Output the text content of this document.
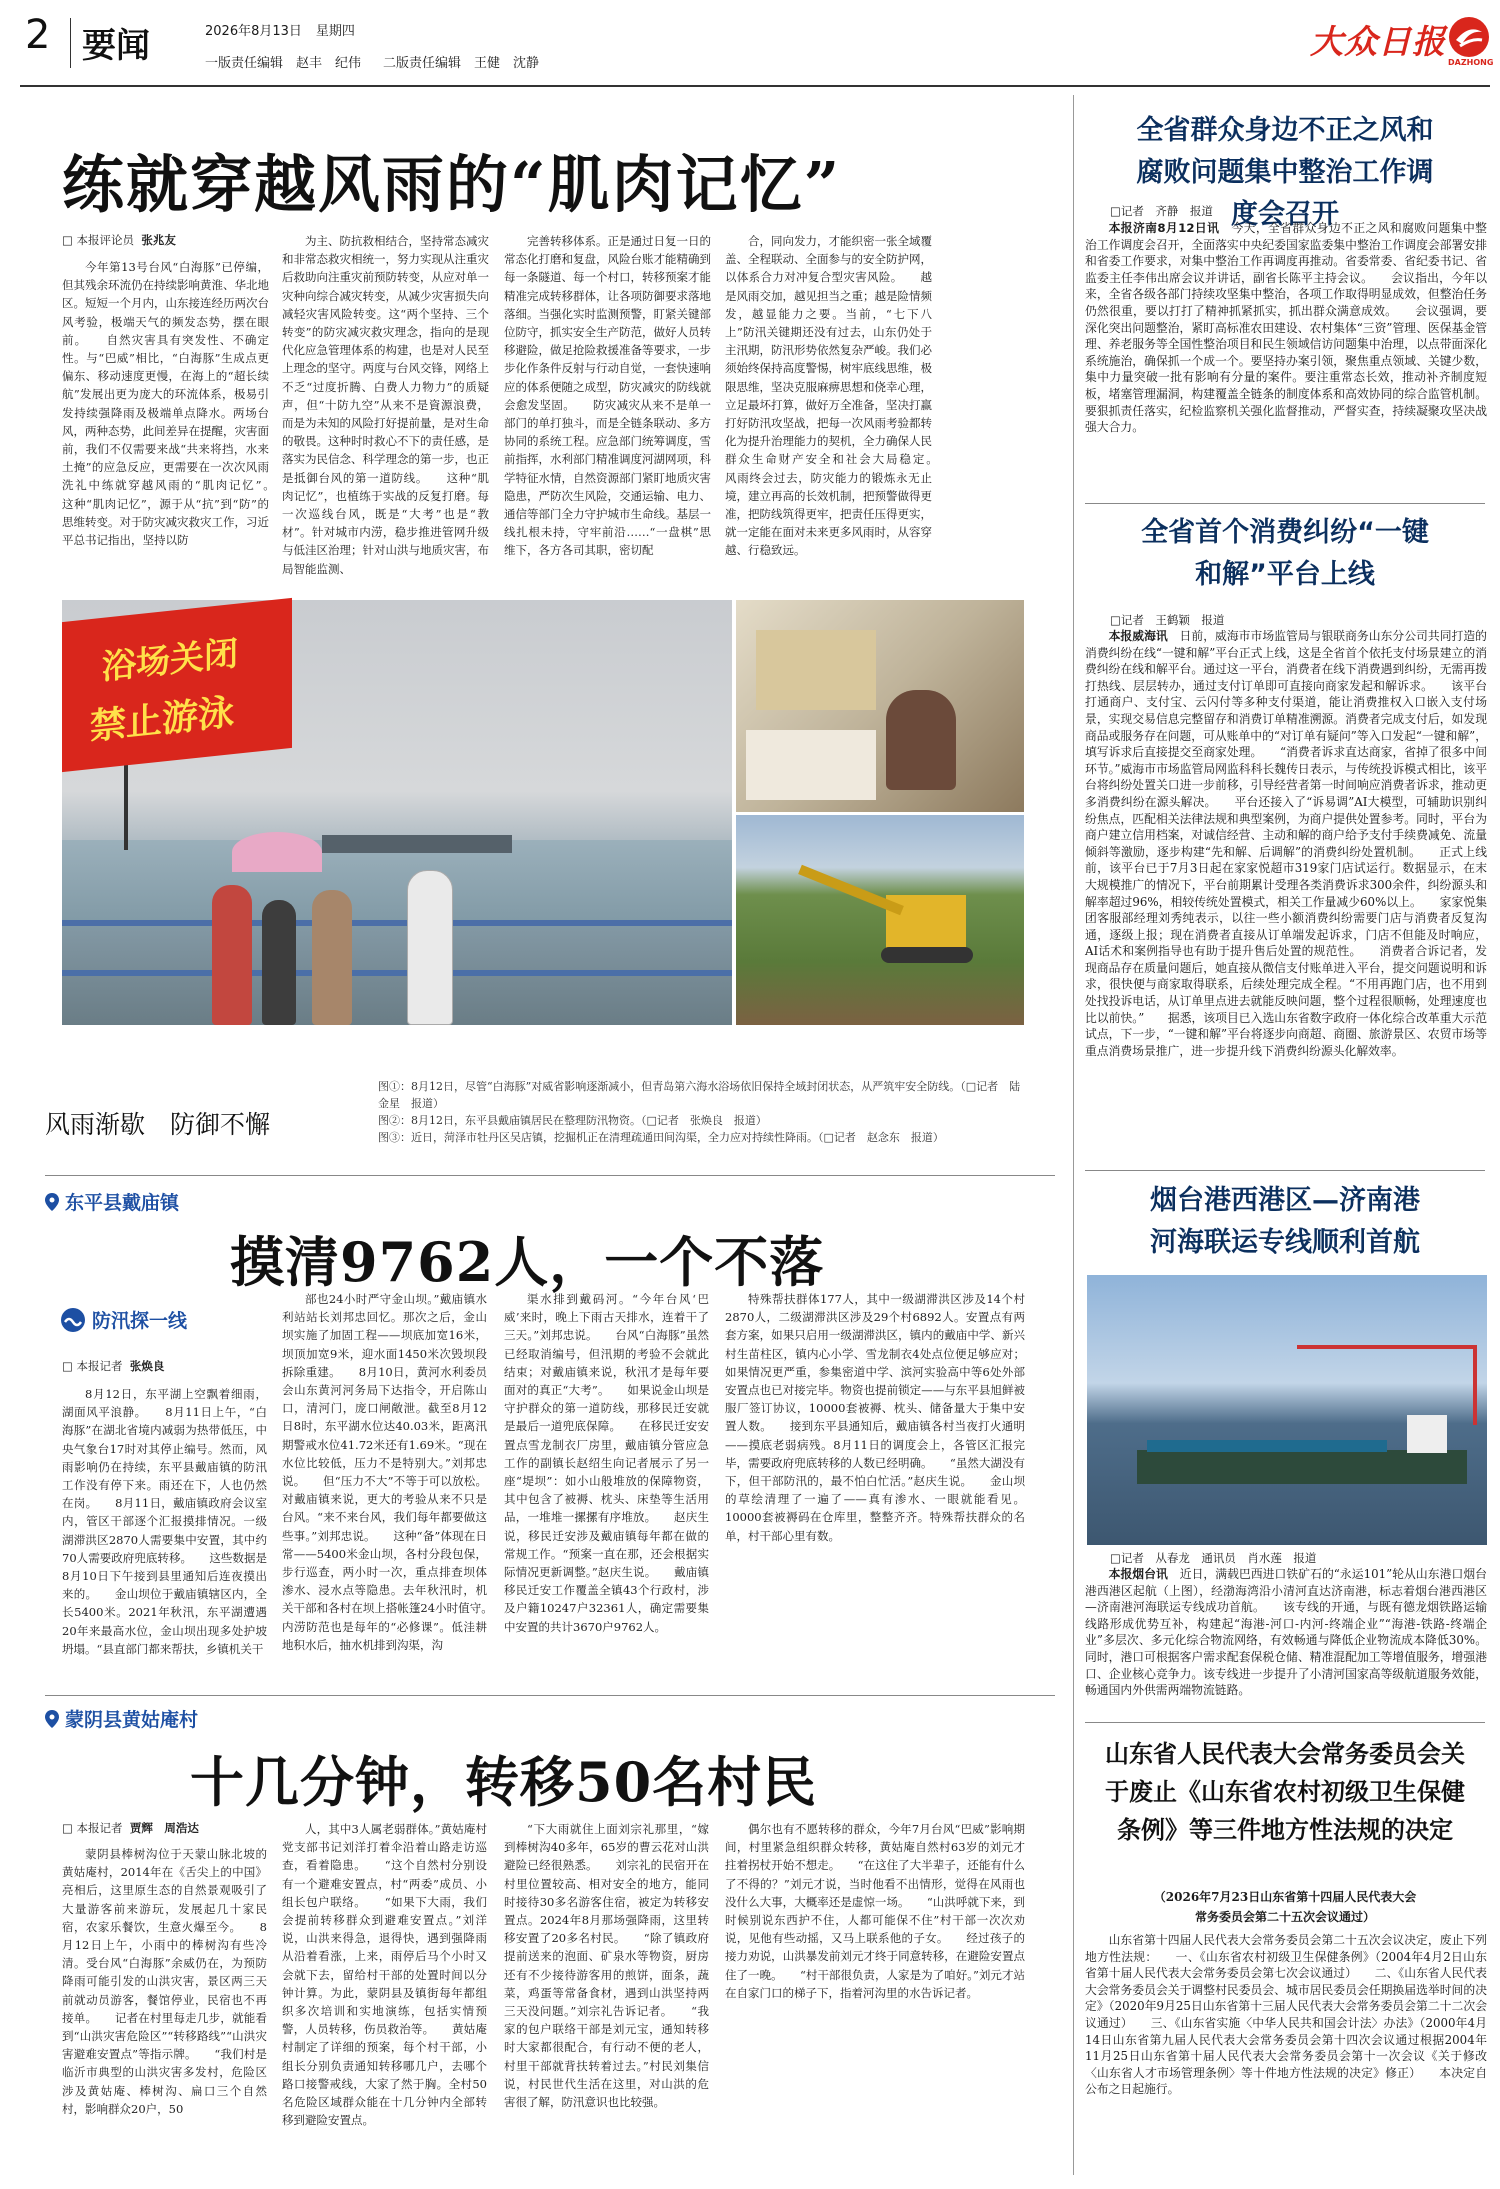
2 要闻	2026年8月13日 星期四
一版责任编辑　赵丰　纪伟 二版责任编辑　王健　沈静
大众日报
DAZHONG
练就穿越风雨的“肌肉记忆”
□ 本报评论员 张兆友

今年第13号台风“白海豚”已停编，但其残余环流仍在持续影响黄淮、华北地区。短短一个月内，山东接连经历两次台风考验，极端天气的频发态势，摆在眼前。　　自然灾害具有突发性、不确定性。与“巴威”相比，“白海豚”生成点更偏东、移动速度更慢，在海上的“超长续航”发展出更为庞大的环流体系，极易引发持续强降雨及极端单点降水。两场台风，两种态势，此间差异在提醒，灾害面前，我们不仅需要来战“共来将挡，水来土掩”的应急反应，更需要在一次次风雨洗礼中练就穿越风雨的“肌肉记忆”。　　这种“肌肉记忆”，源于从“抗”到“防”的思维转变。对于防灾减灾救灾工作，习近平总书记指出，坚持以防

为主、防抗救相结合，坚持常态减灾和非常态救灾相统一，努力实现从注重灾后救助向注重灾前预防转变，从应对单一灾种向综合减灾转变，从减少灾害损失向减轻灾害风险转变。这“两个坚持、三个转变”的防灾减灾救灾理念，指向的是现代化应急管理体系的构建，也是对人民至上理念的坚守。两度与台风交锋，网络上不乏“过度折腾、白费人力物力”的质疑声，但“十防九空”从来不是資源浪费，而是为未知的风险打好提前量，是对生命的敬畏。这种时时救心不下的责任感，是落实为民信念、科学理念的第一步，也正是抵御台风的第一道防线。　　这种“肌肉记忆”，也植练于实战的反复打磨。每一次巡线台风，既是“大考”也是“教材”。针对城市内涝，稳步推进管网升级与低洼区治理；针对山洪与地质灾害，布局智能监测、

完善转移体系。正是通过日复一日的常态化打磨和复盘，风险台账才能精确到每一条隧道、每一个村口，转移预案才能精准完成转移群体，让各项防御要求落地落细。当强化实时监测预警，盯紧关键部位防守，抓实安全生产防范，做好人员转移避险，做足抢险救援准备等要求，一步步化作条件反射与行动自觉，一套快速响应的体系便随之成型，防灾减灾的防线就会愈发坚固。　　防灾减灾从来不是单一部门的单打独斗，而是全链条联动、多方协同的系统工程。应急部门统筹调度，雪前指挥，水利部门精准调度河湖网项，科学特征水情，自然资源部门紧盯地质灾害隐患，严防次生风险，交通运输、电力、通信等部门全力守护城市生命线。基层一线扎根未持，守牢前沿……“一盘棋”思维下，各方各司其职，密切配

合，同向发力，才能织密一张全域覆盖、全程联动、全面参与的安全防护网，以体系合力对冲复合型灾害风险。　　越是风雨交加，越见担当之重；越是险情频发，越显能力之要。当前，“七下八上”防汛关键期还没有过去，山东仍处于主汛期，防汛形势依然复杂严峻。我们必须始终保持高度警惕，树牢底线思维，极限思维，坚决克服麻痹思想和侥幸心理，立足最坏打算，做好万全准备，坚决打赢打好防汛攻坚战，把每一次风雨考验都转化为提升治理能力的契机，全力确保人民群众生命财产安全和社会大局稳定。　　风雨终会过去，防灾能力的锻炼永无止境，建立再高的长效机制，把预警做得更准，把防线筑得更牢，把责任压得更实，就一定能在面对未来更多风雨时，从容穿越、行稳致远。

浴场关闭
禁止游泳
风雨渐歇　防御不懈
图①：8月12日，尽管“白海豚”对威省影响逐渐减小，但青岛第六海水浴场依旧保持全域封闭状态，从严筑牢安全防线。（□记者　陆金星　报道）
图②：8月12日，东平县戴庙镇居民在整理防汛物资。（□记者　张焕良　报道）
图③：近日，菏泽市牡丹区吴店镇，挖掘机正在清理疏通田间沟渠，全力应对持续性降雨。（□记者　赵念东　报道）
东平县戴庙镇
摸清9762人，一个不落
防汛探一线
□ 本报记者 张焕良

8月12日，东平湖上空飘着细雨，湖面风平浪静。　　8月11日上午，“白海豚”在湖北省境内减弱为热带低压，中央气象台17时对其停止编号。然而，风雨影响仍在持续，东平县戴庙镇的防汛工作没有停下来。雨还在下，人也仍然在岗。　　8月11日，戴庙镇政府会议室内，管区干部逐个汇报摸排情况。一级湖滞洪区2870人需要集中安置，其中约70人需要政府兜底转移。　　这些数据是8月10日下午接到县里通知后连夜摸出来的。　　金山坝位于戴庙镇辖区内，全长5400米。2021年秋汛，东平湖遭遇20年来最高水位，金山坝出现多处护坡坍塌。“县直部门都来帮扶，乡镇机关干

部也24小时严守金山坝。”戴庙镇水利站站长刘邦忠回忆。那次之后，金山坝实施了加固工程——坝底加宽16米，坝顶加宽9米，迎水面1450米次毁坝段拆除重建。　　8月10日，黄河水利委员会山东黄河河务局下达指令，开启陈山口，清河门，庞口闸敞泄。截至8月12日8时，东平湖水位达40.03米，距离汛期警戒水位41.72米还有1.69米。“现在水位比较低，压力不是特别大。”刘邦忠说。　　但“压力不大”不等于可以放松。对戴庙镇来说，更大的考验从来不只是台风。“来不来台风，我们每年都要做这些事。”刘邦忠说。　　这种“备”体现在日常——5400米金山坝，各村分段包保，步行巡查，两小时一次，重点排查坝体渗水、浸水点等隐患。去年秋汛时，机关干部和各村在坝上搭帐篷24小时值守。　　内涝防范也是每年的“必修课”。低洼耕地积水后，抽水机排到沟渠，沟

渠水排到戴码河。“今年台风‘巴威’来时，晚上下雨古天排水，连着干了三天。”刘邦忠说。　　台风“白海豚”虽然已经取消编号，但汛期的考验不会就此结束；对戴庙镇来说，秋汛才是每年要面对的真正“大考”。　　如果说金山坝是守护群众的第一道防线，那移民迁安就是最后一道兜底保障。　　在移民迁安安置点雪龙制衣厂房里，戴庙镇分管应急工作的副镇长赵绍生向记者展示了另一座“堤坝”：如小山般堆放的保障物资，其中包含了被褥、枕头、床垫等生活用品，一堆堆一摞摞有序堆放。　　赵庆生说，移民迁安涉及戴庙镇每年都在做的常规工作。“预案一直在那，还会根据实际情况更新调整。”赵庆生说。　　戴庙镇移民迁安工作覆盖全镇43个行政村，涉及户籍10247户32361人，确定需要集中安置的共计3670户9762人。

特殊帮扶群体177人，其中一级湖滞洪区涉及14个村2870人，二级湖滞洪区涉及29个村6892人。安置点有两套方案，如果只启用一级湖滞洪区，镇内的戴庙中学、新兴村生苗柱区，镇内心小学、雪龙制衣4处点位便足够应对；如果情况更严重，参集密道中学、滨河实验高中等6处外部安置点也已对接完毕。物资也提前锁定——与东平县旭鲜被服厂签订协议，10000套被褥、枕头、储备量大于集中安置人数。　　接到东平县通知后，戴庙镇各村当夜打火通明——摸底老弱病残。8月11日的调度会上，各管区汇报完毕，需要政府兜底转移的人数已经明确。　　“虽然大湖没有下，但干部防汛的，最不怕白忙活。”赵庆生说。　　金山坝的草绘清理了一遍了——真有渗水、一眼就能看见。10000套被褥码在仓库里，整整齐齐。特殊帮扶群众的名单，村干部心里有数。

蒙阴县黄姑庵村
十几分钟，转移50名村民
□ 本报记者 贾辉　周浩达

蒙阴县棒树沟位于天蒙山脉北坡的黄姑庵村，2014年在《舌尖上的中国》亮相后，这里原生态的自然景观吸引了大量游客前来游玩，发展起几十家民宿，农家乐餐饮，生意火爆至今。　　8月12日上午，小雨中的棒树沟有些冷清。受台风“白海豚”余威仍在，为预防降雨可能引发的山洪灾害，景区两三天前就动员游客，餐馆停业，民宿也不再接单。　　记者在村里每走几步，就能看到“山洪灾害危险区”“转移路线”“山洪灾害避难安置点”等指示牌。　　“我们村是临沂市典型的山洪灾害多发村，危险区涉及黄姑庵、棒树沟、扁口三个自然村，影响群众20户，50

人，其中3人属老弱群体。”黄姑庵村党支部书记刘洋打着伞沿着山路走访巡查，看着隐患。　　“这个自然村分别设有一个避难安置点，村“两委”成员、小组长包户联络。　　“如果下大雨，我们会提前转移群众到避难安置点。”刘洋说，山洪来得急，退得快，遇到强降雨从沿着看涨，上来，雨停后马个小时又会就下去，留给村干部的处置时间以分钟计算。为此，蒙阴县及镇街每年都组织多次培训和实地演练，包括实情预警，人员转移，伤员救治等。　　黄姑庵村制定了详细的预案，每个村干部，小组长分别负责通知转移哪几户，去哪个路口接警戒线，大家了然于胸。全村50名危险区域群众能在十几分钟内全部转移到避险安置点。

“下大雨就住上面刘宗礼那里，“嫁到棒树沟40多年，65岁的曹云花对山洪避险已经很熟悉。　　刘宗礼的民宿开在村里位置较高、相对安全的地方，能同时接待30多名游客住宿，被定为转移安置点。2024年8月那场强降雨，这里转移安置了20多名村民。　　“除了镇政府提前送来的泡面、矿泉水等物资，厨房还有不少接待游客用的煎饼，面条，蔬菜，鸡蛋等常备食材，遇到山洪坚持两三天没问题。”刘宗礼告诉记者。　　“我家的包户联络干部是刘元宝，通知转移时大家都很配合，有行动不便的老人，村里干部就背扶转着过去。”村民刘集信说，村民世代生活在这里，对山洪的危害很了解，防汛意识也比较强。

偶尔也有不愿转移的群众，今年7月台风“巴威”影响期间，村里紧急组织群众转移，黄姑庵自然村63岁的刘元才拄着拐杖开始不想走。　　“在这住了大半辈子，还能有什么了不得的？”刘元才说，当时他看不出情形，觉得在风雨也没什么大事，大概率还是虚惊一场。　　“山洪呼就下来，到时候别说东西护不住，人都可能保不住”村干部一次次劝说，见他有些动摇，又马上联系他的子女。　　经过孩子的接力劝说，山洪暴发前刘元才终于同意转移，在避险安置点住了一晚。　　“村干部很负责，人家是为了咱好。”刘元才站在自家门口的梯子下，指着河沟里的水告诉记者。

全省群众身边不正之风和腐败问题集中整治工作调度会召开
□记者　齐静　报道

本报济南8月12日讯　 今天，全省群众身边不正之风和腐败问题集中整治工作调度会召开，全面落实中央纪委国家监委集中整治工作调度会部署安排和省委工作要求，对集中整治工作再调度再推动。省委常委、省纪委书记、省监委主任李伟出席会议并讲话，副省长陈平主持会议。　　会议指出，今年以来，全省各级各部门持续攻坚集中整治，各项工作取得明显成效，但整治任务仍然很重，要以打打了精神抓紧抓实，抓出群众满意成效。　　会议强调，要深化突出问题整治，紧盯高标准农田建设、农村集体“三资”管理、医保基金管理、养老服务等全国性整治项目和民生领域信访问题集中治理，以点带面深化系统施治，确保抓一个成一个。要坚持办案引领，聚焦重点领域、关键少数，集中力量突破一批有影响有分量的案件。要注重常态长效，推动补齐制度短板，堵塞管理漏洞，构建覆盖全链条的制度体系和高效协同的综合监管机制。要狠抓责任落实，纪检监察机关强化监督推动，严督实查，持续凝聚攻坚决战强大合力。

全省首个消费纠纷“一键和解”平台上线
□记者　王鹤颖　报道

本报威海讯　 日前，威海市市场监管局与银联商务山东分公司共同打造的消费纠纷在线“一键和解”平台正式上线，这是全省首个依托支付场景建立的消费纠纷在线和解平台。通过这一平台，消费者在线下消费遇到纠纷，无需再拨打热线、层层转办，通过支付订单即可直接向商家发起和解诉求。　　该平台打通商户、支付宝、云闪付等多种支付渠道，能让消费推权入口嵌入支付场景，实现交易信息完整留存和消费订单精准溯源。消费者完成支付后，如发现商品或服务存在问题，可从账单中的“对订单有疑问”等入口发起“一键和解”，填写诉求后直接提交至商家处理。　　“消费者诉求直达商家，省掉了很多中间环节。”威海市市场监管局网监科科长魏传日表示，与传统投诉模式相比，该平台将纠纷处置关口进一步前移，引导经营者第一时间响应消费者诉求，推动更多消费纠纷在源头解决。　　平台还接入了“诉易调”AI大模型，可辅助识别纠纷焦点，匹配相关法律法规和典型案例，为商户提供处置参考。同时，平台为商户建立信用档案，对诚信经营、主动和解的商户给予支付手续费减免、流量倾斜等激励，逐步构建“先和解、后调解”的消费纠纷处置机制。　　正式上线前，该平台已于7月3日起在家家悦超市319家门店试运行。数据显示，在末大规模推广的情况下，平台前期累计受理各类消费诉求300余件，纠纷源头和解率超过96%，相较传统处置模式，相关工作量减少60%以上。　　家家悦集团客服部经理刘秀纯表示，以往一些小额消费纠纷需要门店与消费者反复沟通，逐级上报；现在消费者直接从订单端发起诉求，门店不但能及时响应，AI话术和案例指导也有助于提升售后处置的规范性。　　消费者合诉记者，发现商品存在质量问题后，她直接从微信支付账单进入平台，提交问题说明和诉求，很快便与商家取得联系，后续处理完成全程。“不用再跑门店，也不用到处找投诉电话，从订单里点进去就能反映问题，整个过程很顺畅，处理速度也比以前快。”　　据悉，该项目已入选山东省数字政府一体化综合改革重大示范试点，下一步，“一键和解”平台将逐步向商超、商圈、旅游景区、农贸市场等重点消费场景推广，进一步提升线下消费纠纷源头化解效率。

烟台港西港区—济南港河海联运专线顺利首航
□记者　从春龙　通讯员　肖水莲　报道

本报烟台讯　 近日，满载巴西进口铁矿石的“永运101”轮从山东港口烟台港西港区起航（上图），经渤海湾沿小清河直达济南港，标志着烟台港西港区—济南港河海联运专线成功首航。　　该专线的开通，与既有德龙烟铁路运输线路形成优势互补，构建起“海港-河口-内河-终端企业”“海港-铁路-终端企业”多层次、多元化综合物流网络，有效畅通与降低企业物流成本降低30%。同时，港口可根据客户需求配套保税仓储、精准混配加工等增值服务，增强港口、企业核心竞争力。该专线进一步提升了小清河国家高等级航道服务效能，畅通国内外供需两端物流链路。

山东省人民代表大会常务委员会关于废止《山东省农村初级卫生保健条例》等三件地方性法规的决定
（2026年7月23日山东省第十四届人民代表大会
常务委员会第二十五次会议通过）

山东省第十四届人民代表大会常务委员会第二十五次会议决定，废止下列地方性法规：　　一、《山东省农村初级卫生保健条例》（2004年4月2日山东省第十届人民代表大会常务委员会第七次会议通过）　　二、《山东省人民代表大会常务委员会关于调整村民委员会、城市居民委员会任期换届选举时间的决定》（2020年9月25日山东省第十三届人民代表大会常务委员会第二十二次会议通过）　　三、《山东省实施〈中华人民共和国会计法〉办法》（2000年4月14日山东省第九届人民代表大会常务委员会第十四次会议通过根据2004年11月25日山东省第十届人民代表大会常务委员会第十一次会议《关于修改〈山东省人才市场管理条例〉等十件地方性法规的决定》修正）　　本决定自公布之日起施行。
